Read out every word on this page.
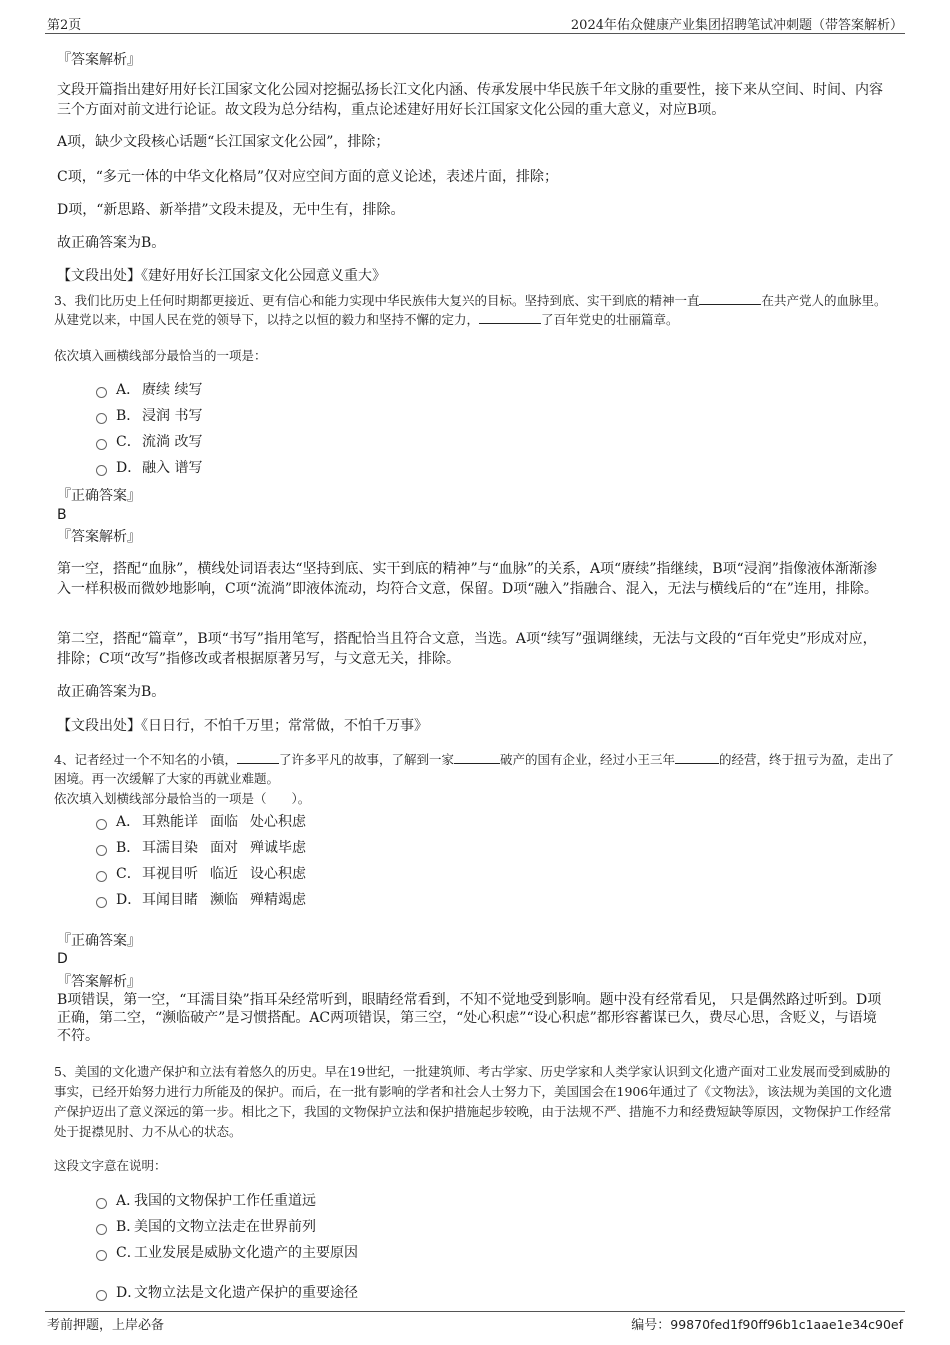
第2页	2024年佑众健康产业集团招聘笔试冲刺题（带答案解析）
『答案解析』
文段开篇指出建好用好长江国家文化公园对挖掘弘扬长江文化内涵、传承发展中华民族千年文脉的重要性，接下来从空间、时间、内容三个方面对前文进行论证。故文段为总分结构，重点论述建好用好长江国家文化公园的重大意义，对应B项。
A项，缺少文段核心话题“长江国家文化公园”，排除；
C项，“多元一体的中华文化格局”仅对应空间方面的意义论述，表述片面，排除；
D项，“新思路、新举措”文段未提及，无中生有，排除。
故正确答案为B。
【文段出处】《建好用好长江国家文化公园意义重大》
3、我们比历史上任何时期都更接近、更有信心和能力实现中华民族伟大复兴的目标。坚持到底、实干到底的精神一直	在共产党人的血脉里。从建党以来，中国人民在党的领导下，以持之以恒的毅力和坚持不懈的定力，	了百年党史的壮丽篇章。
依次填入画横线部分最恰当的一项是：
A． 赓续 续写
B． 浸润 书写
C．流淌 改写
D．融入 谱写
『正确答案』
B
『答案解析』
第一空，搭配“血脉”，横线处词语表达“坚持到底、实干到底的精神”与“血脉”的关系，A项“赓续”指继续，B项“浸润”指像液体渐渐渗入一样积极而微妙地影响，C项“流淌”即液体流动，均符合文意，保留。D项“融入”指融合、混入，无法与横线后的“在”连用，排除。
第二空，搭配“篇章”，B项“书写”指用笔写，搭配恰当且符合文意，当选。A项“续写”强调继续，无法与文段的“百年党史”形成对应，排除；C项“改写”指修改或者根据原著另写，与文意无关，排除。
故正确答案为B。
【文段出处】《日日行，不怕千万里；常常做，不怕千万事》
4、记者经过一个不知名的小镇，	了许多平凡的故事，了解到一家	破产的国有企业，经过小王三年	的经营，终于扭亏为盈，走出了困境。再一次缓解了大家的再就业难题。
依次填入划横线部分最恰当的一项是（　　）。
A． 耳熟能详 面临 处心积虑
B． 耳濡目染 面对 殚诚毕虑
C．耳视目听 临近 设心积虑
D．耳闻目睹 濒临 殚精竭虑
『正确答案』
D
『答案解析』
B项错误，第一空，“耳濡目染”指耳朵经常听到，眼睛经常看到，不知不觉地受到影响。题中没有经常看见， 只是偶然路过听到。D项正确，第二空，“濒临破产”是习惯搭配。AC两项错误，第三空，“处心积虑”“设心积虑”都形容蓄谋已久，费尽心思，含贬义，与语境不符。
5、美国的文化遗产保护和立法有着悠久的历史。早在19世纪，一批建筑师、考古学家、历史学家和人类学家认识到文化遗产面对工业发展而受到威胁的事实，已经开始努力进行力所能及的保护。而后，在一批有影响的学者和社会人士努力下，美国国会在1906年通过了《文物法》，该法规为美国的文化遗产保护迈出了意义深远的第一步。相比之下，我国的文物保护立法和保护措施起步较晚，由于法规不严、措施不力和经费短缺等原因，文物保护工作经常处于捉襟见肘、力不从心的状态。
这段文字意在说明：
A．我国的文物保护工作任重道远
B．美国的文物立法走在世界前列
C．工业发展是威胁文化遗产的主要原因
D．文物立法是文化遗产保护的重要途径
考前押题，上岸必备	编号：99870fed1f90ff96b1c1aae1e34c90ef
